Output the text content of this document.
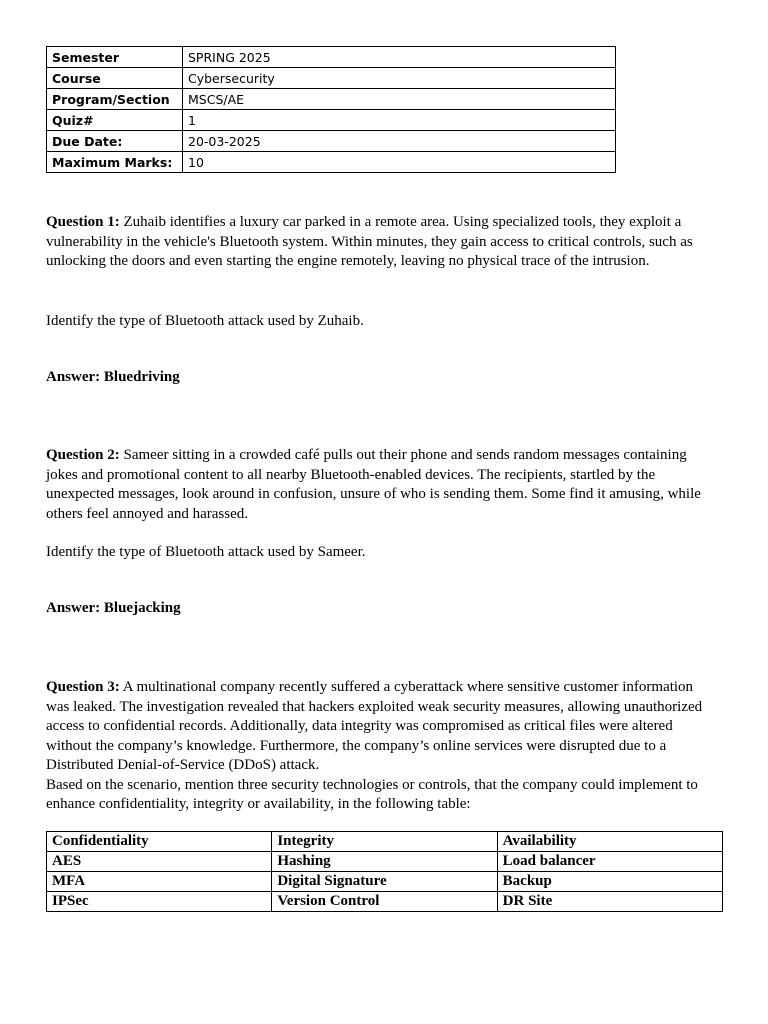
Semester	SPRING 2025
Course	Cybersecurity
Program/Section	MSCS/AE
Quiz#	1
Due Date:	20-03-2025
Maximum Marks:	10

Question 1: Zuhaib identifies a luxury car parked in a remote area. Using specialized tools, they exploit a vulnerability in the vehicle's Bluetooth system. Within minutes, they gain access to critical controls, such as unlocking the doors and even starting the engine remotely, leaving no physical trace of the intrusion.

Identify the type of Bluetooth attack used by Zuhaib.

Answer: Bluedriving

Question 2: Sameer sitting in a crowded café pulls out their phone and sends random messages containing jokes and promotional content to all nearby Bluetooth-enabled devices. The recipients, startled by the unexpected messages, look around in confusion, unsure of who is sending them. Some find it amusing, while others feel annoyed and harassed.

Identify the type of Bluetooth attack used by Sameer.

Answer: Bluejacking

Question 3: A multinational company recently suffered a cyberattack where sensitive customer information was leaked. The investigation revealed that hackers exploited weak security measures, allowing unauthorized access to confidential records. Additionally, data integrity was compromised as critical files were altered without the company’s knowledge. Furthermore, the company’s online services were disrupted due to a Distributed Denial-of-Service (DDoS) attack.
Based on the scenario, mention three security technologies or controls, that the company could implement to enhance confidentiality, integrity or availability, in the following table:

Confidentiality	Integrity	Availability
AES	Hashing	Load balancer
MFA	Digital Signature	Backup
IPSec	Version Control	DR Site
